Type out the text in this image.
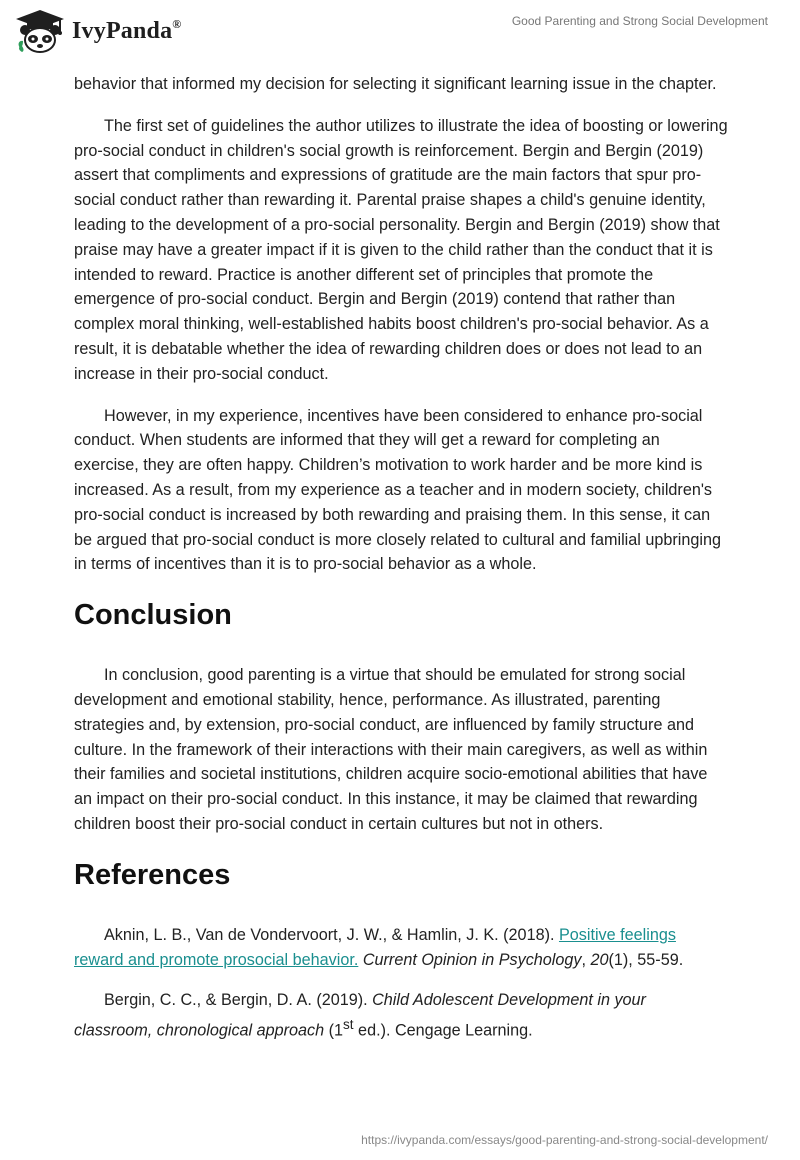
IvyPanda®	Good Parenting and Strong Social Development

behavior that informed my decision for selecting it significant learning issue in the chapter.

The first set of guidelines the author utilizes to illustrate the idea of boosting or lowering pro-social conduct in children's social growth is reinforcement. Bergin and Bergin (2019) assert that compliments and expressions of gratitude are the main factors that spur pro-social conduct rather than rewarding it. Parental praise shapes a child's genuine identity, leading to the development of a pro-social personality. Bergin and Bergin (2019) show that praise may have a greater impact if it is given to the child rather than the conduct that it is intended to reward. Practice is another different set of principles that promote the emergence of pro-social conduct. Bergin and Bergin (2019) contend that rather than complex moral thinking, well-established habits boost children's pro-social behavior. As a result, it is debatable whether the idea of rewarding children does or does not lead to an increase in their pro-social conduct.

However, in my experience, incentives have been considered to enhance pro-social conduct. When students are informed that they will get a reward for completing an exercise, they are often happy. Children’s motivation to work harder and be more kind is increased. As a result, from my experience as a teacher and in modern society, children's pro-social conduct is increased by both rewarding and praising them. In this sense, it can be argued that pro-social conduct is more closely related to cultural and familial upbringing in terms of incentives than it is to pro-social behavior as a whole.

Conclusion

In conclusion, good parenting is a virtue that should be emulated for strong social development and emotional stability, hence, performance. As illustrated, parenting strategies and, by extension, pro-social conduct, are influenced by family structure and culture. In the framework of their interactions with their main caregivers, as well as within their families and societal institutions, children acquire socio-emotional abilities that have an impact on their pro-social conduct. In this instance, it may be claimed that rewarding children boost their pro-social conduct in certain cultures but not in others.

References

Aknin, L. B., Van de Vondervoort, J. W., & Hamlin, J. K. (2018). Positive feelings reward and promote prosocial behavior. Current Opinion in Psychology, 20(1), 55-59.

Bergin, C. C., & Bergin, D. A. (2019). Child Adolescent Development in your classroom, chronological approach (1st ed.). Cengage Learning.

https://ivypanda.com/essays/good-parenting-and-strong-social-development/
